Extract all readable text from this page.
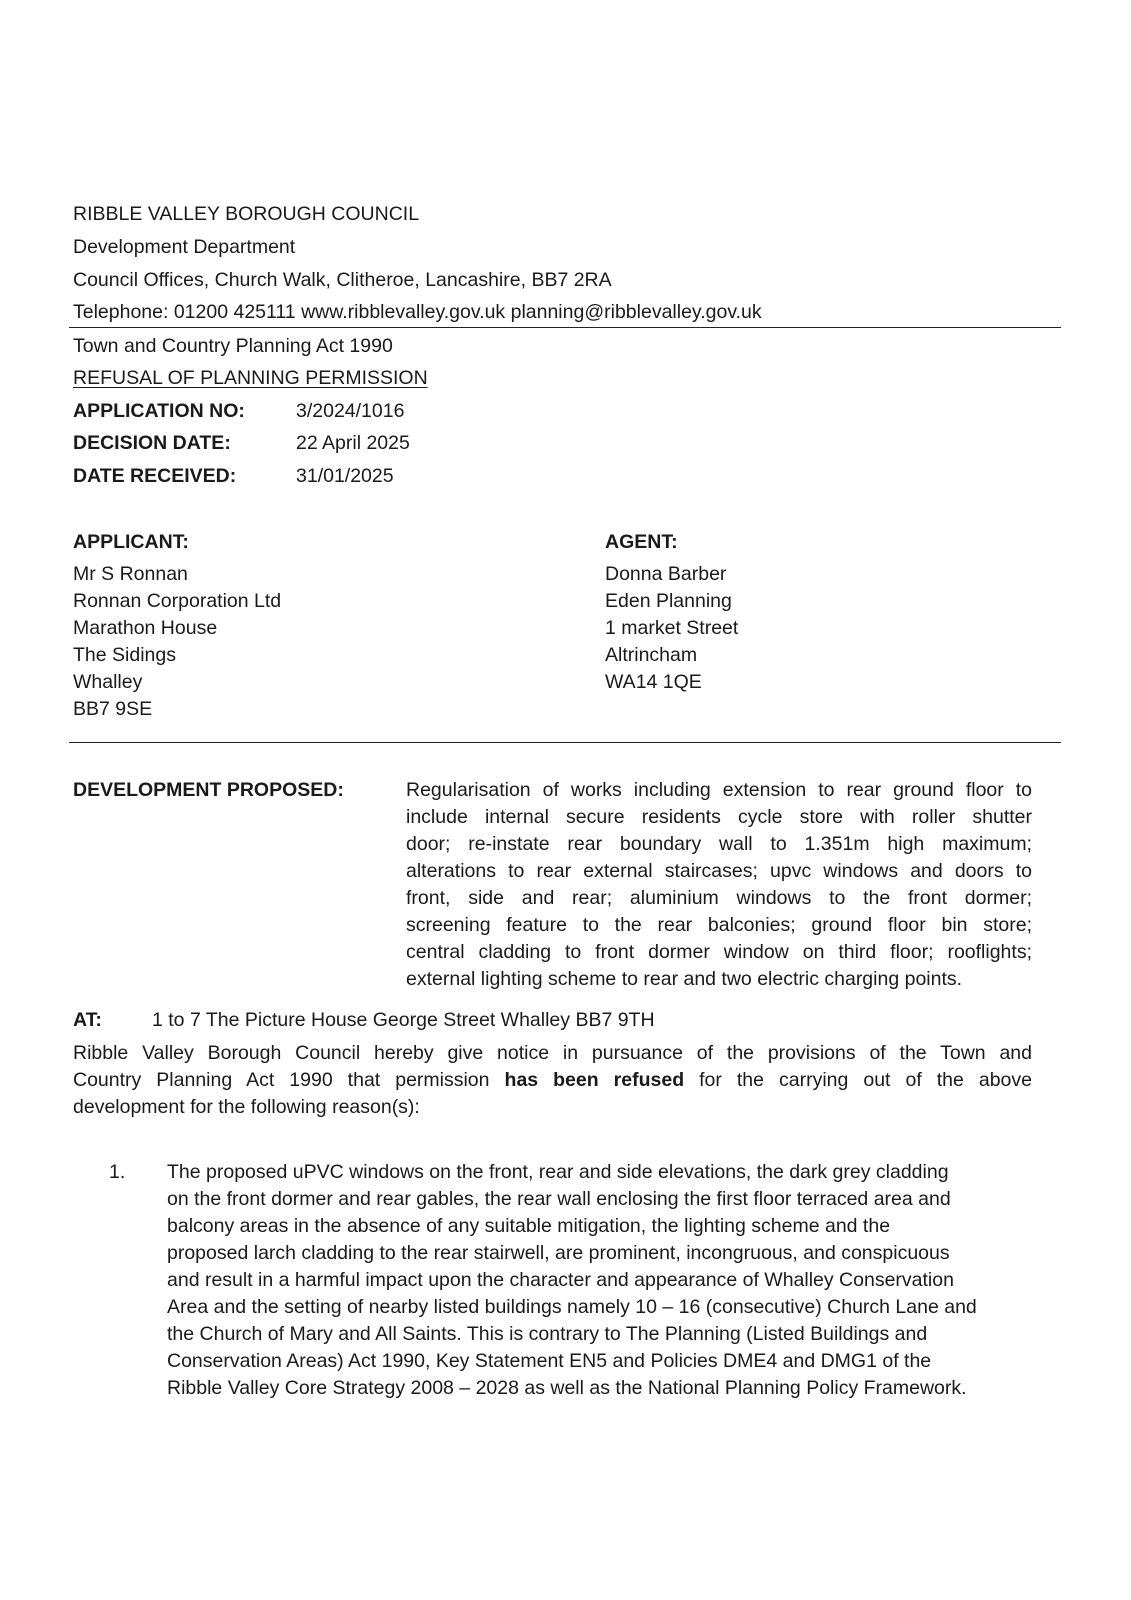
RIBBLE VALLEY BOROUGH COUNCIL
Development Department
Council Offices, Church Walk, Clitheroe, Lancashire, BB7 2RA
Telephone: 01200 425111 www.ribblevalley.gov.uk planning@ribblevalley.gov.uk
Town and Country Planning Act 1990
REFUSAL OF PLANNING PERMISSION
APPLICATION NO:	3/2024/1016
DECISION DATE:	22 April 2025
DATE RECEIVED:	31/01/2025
APPLICANT:
Mr S Ronnan
Ronnan Corporation Ltd
Marathon House
The Sidings
Whalley
BB7 9SE
AGENT:
Donna Barber
Eden Planning
1 market Street
Altrincham
WA14 1QE
DEVELOPMENT PROPOSED:	Regularisation of works including extension to rear ground floor to
include internal secure residents cycle store with roller shutter
door; re-instate rear boundary wall to 1.351m high maximum;
alterations to rear external staircases; upvc windows and doors to
front, side and rear; aluminium windows to the front dormer;
screening feature to the rear balconies; ground floor bin store;
central cladding to front dormer window on third floor; rooflights;
external lighting scheme to rear and two electric charging points.
AT:	1 to 7 The Picture House George Street Whalley BB7 9TH
Ribble Valley Borough Council hereby give notice in pursuance of the provisions of the Town and
Country Planning Act 1990 that permission has been refused for the carrying out of the above
development for the following reason(s):
1. The proposed uPVC windows on the front, rear and side elevations, the dark grey cladding
on the front dormer and rear gables, the rear wall enclosing the first floor terraced area and
balcony areas in the absence of any suitable mitigation, the lighting scheme and the
proposed larch cladding to the rear stairwell, are prominent, incongruous, and conspicuous
and result in a harmful impact upon the character and appearance of Whalley Conservation
Area and the setting of nearby listed buildings namely 10 – 16 (consecutive) Church Lane and
the Church of Mary and All Saints. This is contrary to The Planning (Listed Buildings and
Conservation Areas) Act 1990, Key Statement EN5 and Policies DME4 and DMG1 of the
Ribble Valley Core Strategy 2008 – 2028 as well as the National Planning Policy Framework.
